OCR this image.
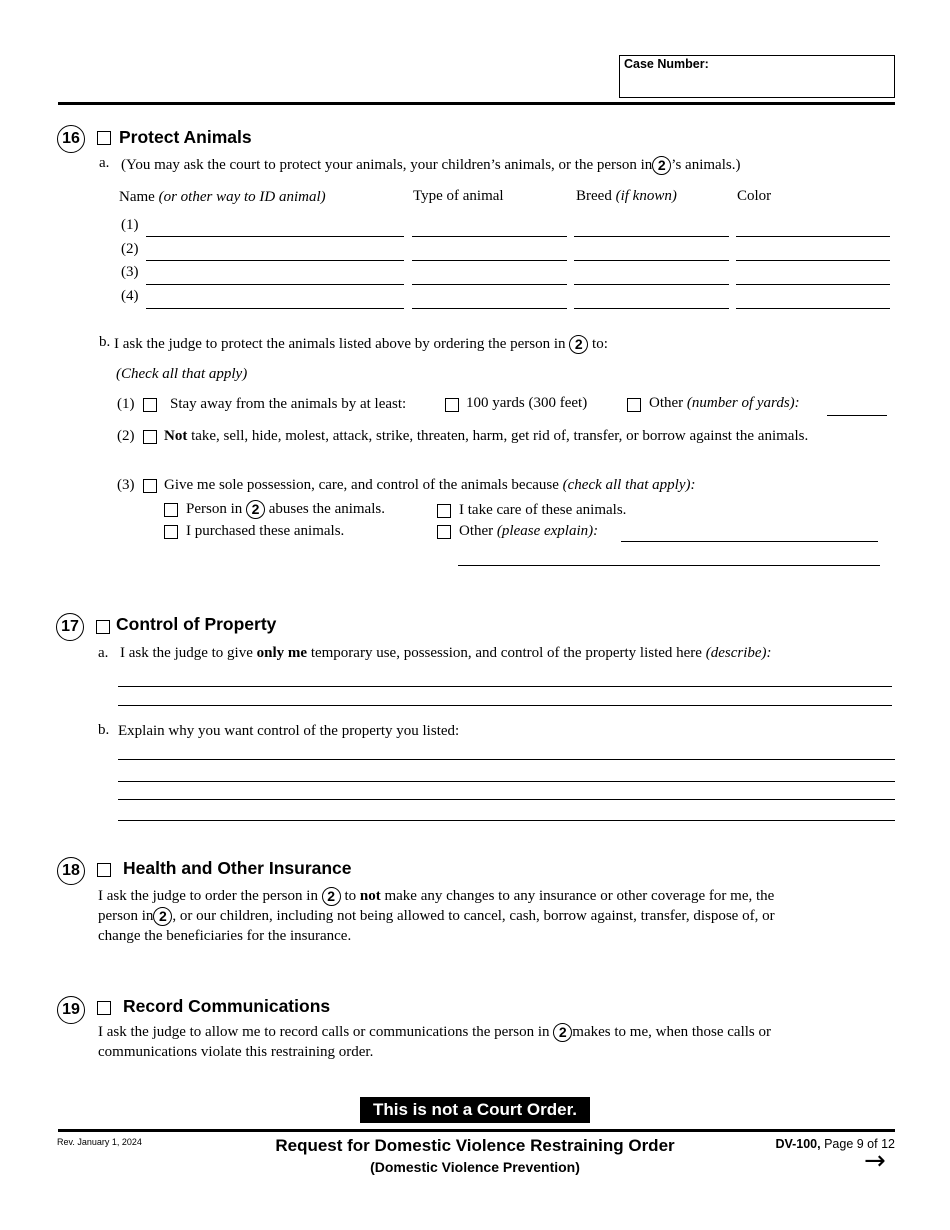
Case Number:
16 Protect Animals
a. (You may ask the court to protect your animals, your children’s animals, or the person in 2 ’s animals.)
Name (or other way to ID animal)	Type of animal	Breed (if known)	Color
(1)
(2)
(3)
(4)
b. I ask the judge to protect the animals listed above by ordering the person in 2 to:
(Check all that apply)
(1) Stay away from the animals by at least:	100 yards (300 feet)	Other (number of yards):
(2) Not take, sell, hide, molest, attack, strike, threaten, harm, get rid of, transfer, or borrow against the animals.
(3) Give me sole possession, care, and control of the animals because (check all that apply):
Person in 2 abuses the animals.	I take care of these animals.
I purchased these animals.	Other (please explain):
17 Control of Property
a. I ask the judge to give only me temporary use, possession, and control of the property listed here (describe):
b. Explain why you want control of the property you listed:
18 Health and Other Insurance
I ask the judge to order the person in 2 to not make any changes to any insurance or other coverage for me, the
person in 2 , or our children, including not being allowed to cancel, cash, borrow against, transfer, dispose of, or
change the beneficiaries for the insurance.
19 Record Communications
I ask the judge to allow me to record calls or communications the person in 2 makes to me, when those calls or
communications violate this restraining order.
This is not a Court Order.
Rev. January 1, 2024	Request for Domestic Violence Restraining Order
(Domestic Violence Prevention)
DV-100, Page 9 of 12
→
